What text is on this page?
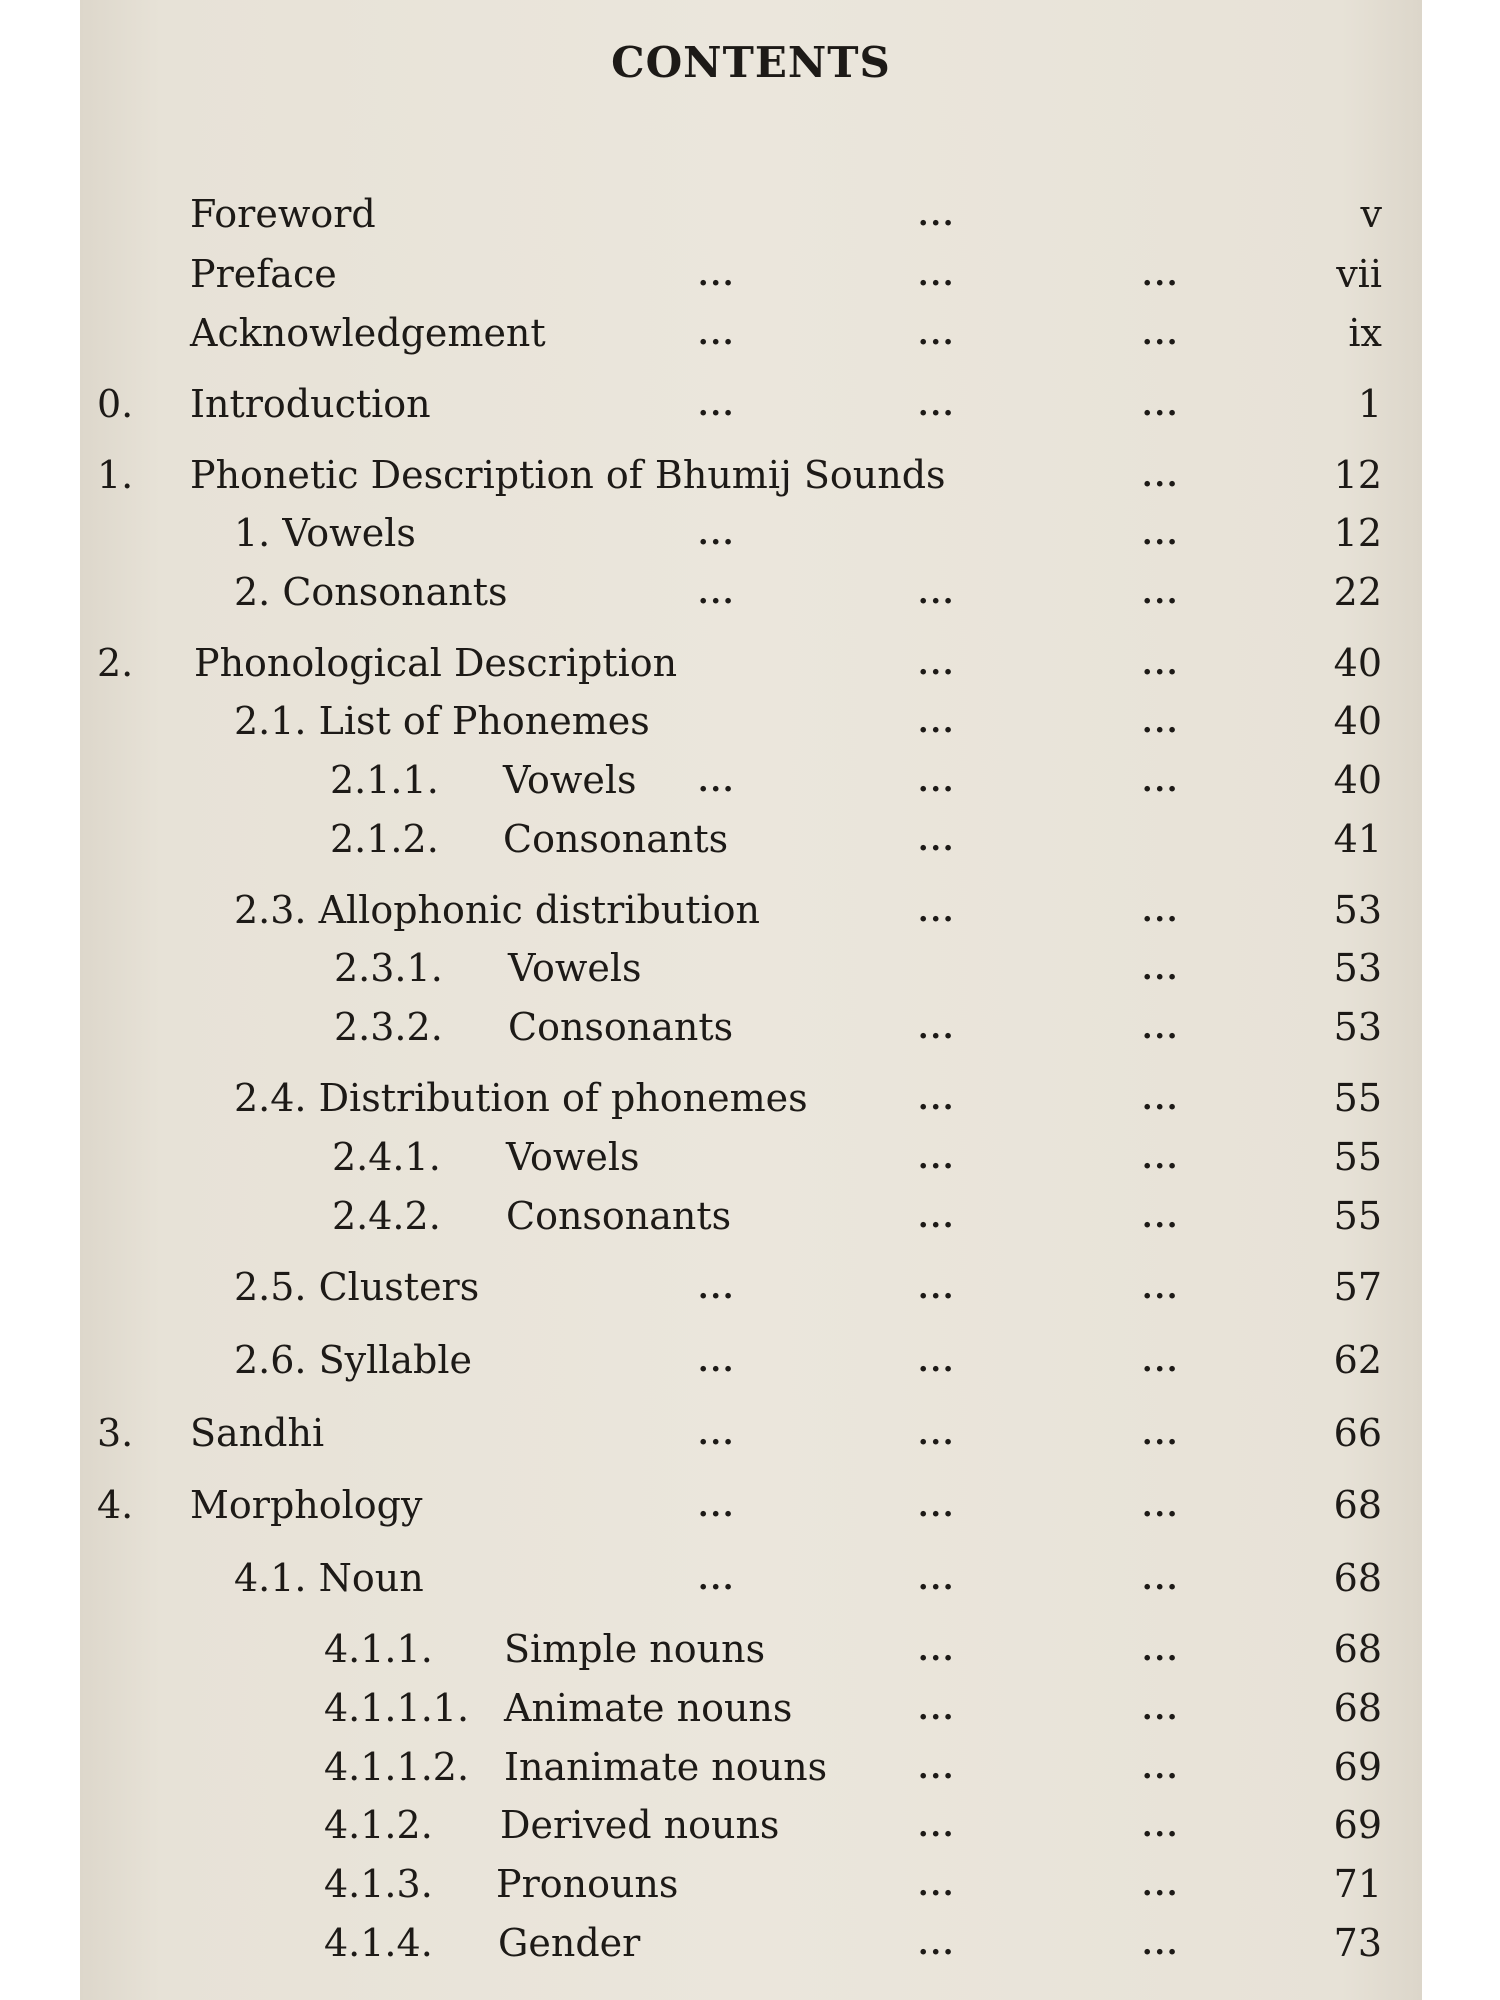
CONTENTS
Foreword	...	v
Preface	...	...	...	vii
Acknowledgement	...	...	...	ix
0. Introduction	...	...	...	1
1. Phonetic Description of Bhumij Sounds	...	12
1. Vowels	...	...	12
2. Consonants	...	...	...	22
2. Phonological Description	...	...	40
2.1. List of Phonemes	...	...	40
2.1.1. Vowels ...	...	...	40
2.1.2. Consonants	...	41
2.3. Allophonic distribution	...	...	53
2.3.1. Vowels	...	53
2.3.2. Consonants	...	...	53
2.4. Distribution of phonemes	...	...	55
2.4.1. Vowels	...	...	55
2.4.2. Consonants	...	...	55
2.5. Clusters	...	...	...	57
2.6. Syllable	...	...	...	62
3. Sandhi	...	...	...	66
4. Morphology	...	...	...	68
4.1. Noun	...	...	...	68
4.1.1. Simple nouns	...	...	68
4.1.1.1. Animate nouns	...	...	68
4.1.1.2. Inanimate nouns	...	...	69
4.1.2. Derived nouns	...	...	69
4.1.3. Pronouns	...	...	71
4.1.4. Gender	...	...	73
